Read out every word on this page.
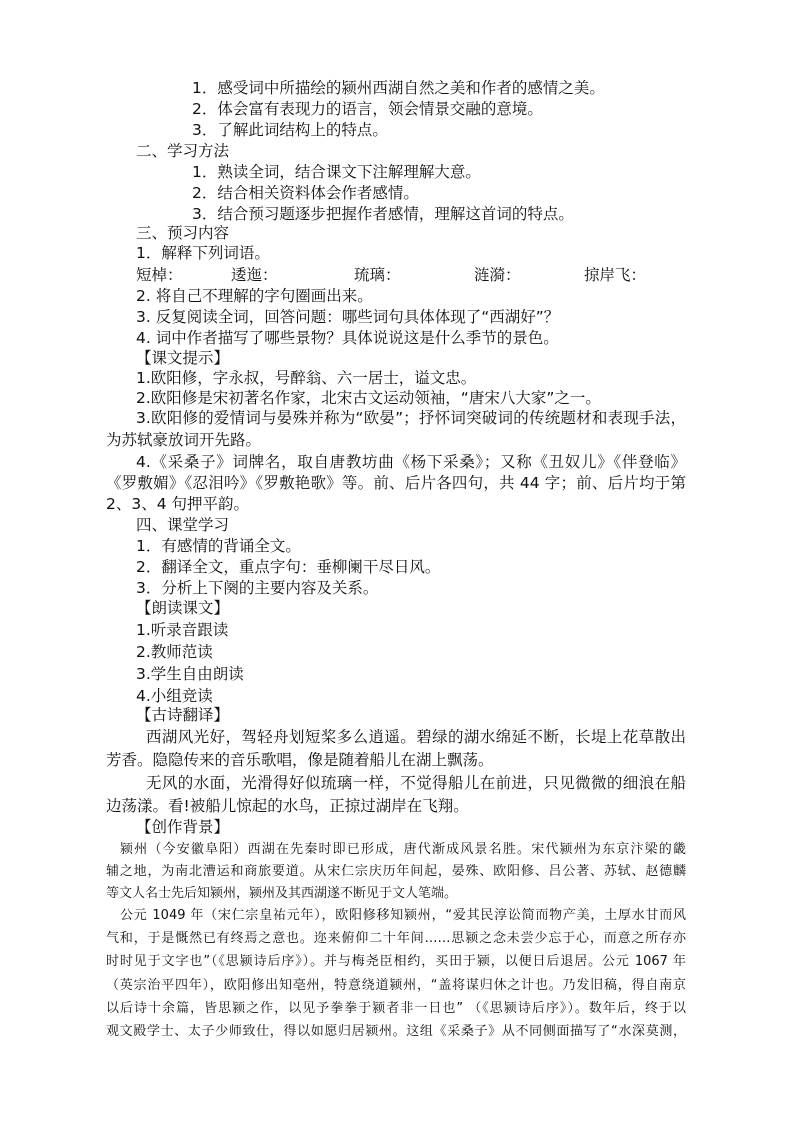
1．感受词中所描绘的颍州西湖自然之美和作者的感情之美。
2．体会富有表现力的语言，领会情景交融的意境。
3．了解此词结构上的特点。
二、学习方法
1．熟读全词，结合课文下注解理解大意。
2．结合相关资料体会作者感情。
3．结合预习题逐步把握作者感情，理解这首词的特点。
三、预习内容
1．解释下列词语。
短棹：	逶迤：	琉璃：	涟漪：	掠岸飞：
2. 将自己不理解的字句圈画出来。
3. 反复阅读全词，回答问题：哪些词句具体体现了“西湖好”？
4. 词中作者描写了哪些景物？具体说说这是什么季节的景色。
【课文提示】
1.欧阳修，字永叔，号醉翁、六一居士，谥文忠。
2.欧阳修是宋初著名作家，北宋古文运动领袖，“唐宋八大家”之一。
3.欧阳修的爱情词与晏殊并称为“欧晏”；抒怀词突破词的传统题材和表现手法，
为苏轼豪放词开先路。
4.《采桑子》词牌名，取自唐教坊曲《杨下采桑》；又称《丑奴儿》《伴登临》
《罗敷媚》《忍泪吟》《罗敷艳歌》等。前、后片各四句，共 44 字；前、后片均于第
2、3、4 句押平韵。
四、课堂学习
1．有感情的背诵全文。
2．翻译全文，重点字句：垂柳阑干尽日风。
3．分析上下阕的主要内容及关系。
【朗读课文】
1.听录音跟读
2.教师范读
3.学生自由朗读
4.小组竞读
【古诗翻译】
西湖风光好，驾轻舟划短桨多么逍遥。碧绿的湖水绵延不断，长堤上花草散出
芳香。隐隐传来的音乐歌唱，像是随着船儿在湖上飘荡。
无风的水面，光滑得好似琉璃一样，不觉得船儿在前进，只见微微的细浪在船
边荡漾。看!被船儿惊起的水鸟，正掠过湖岸在飞翔。
【创作背景】
颍州（今安徽阜阳）西湖在先秦时即已形成，唐代渐成风景名胜。宋代颍州为东京汴梁的畿
辅之地，为南北漕运和商旅要道。从宋仁宗庆历年间起，晏殊、欧阳修、吕公著、苏轼、赵德麟
等文人名士先后知颍州，颍州及其西湖遂不断见于文人笔端。
公元 1049 年（宋仁宗皇祐元年），欧阳修移知颍州，“爱其民淳讼简而物产美，土厚水甘而风
气和，于是慨然已有终焉之意也。迩来俯仰二十年间……思颍之念未尝少忘于心，而意之所存亦
时时见于文字也”（《思颍诗后序》）。并与梅尧臣相约，买田于颍，以便日后退居。公元 1067 年
（英宗治平四年），欧阳修出知亳州，特意绕道颍州，“盖将谋归休之计也。乃发旧稿，得自南京
以后诗十余篇，皆思颍之作，以见予拳拳于颍者非一日也” （《思颍诗后序》）。数年后，终于以
观文殿学士、太子少师致仕，得以如愿归居颍州。这组《采桑子》从不同侧面描写了“水深莫测，
